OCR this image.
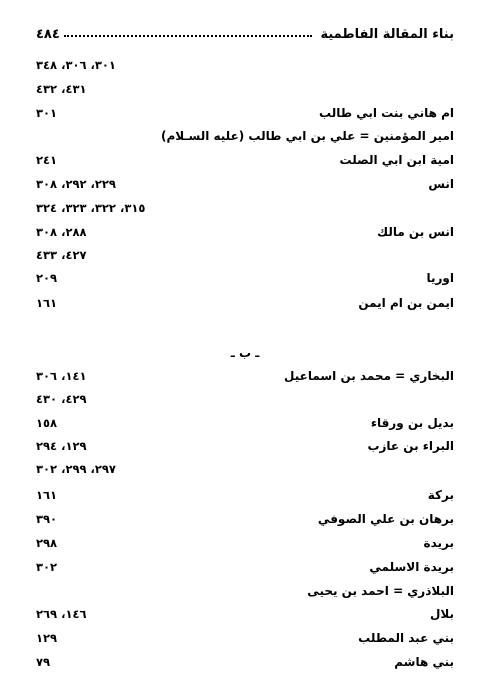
بناء المقالة الفاطمية
٤٨٤
٣٠١، ٣٠٦، ٣٤٨
٤٣١، ٤٣٢
ام هاني بنت ابي طالب
٣٠١
امير المؤمنين = علي بن ابي طالب (عليه السـلام)
امية ابن ابي الصلت
٢٤١
انس
٢٢٩، ٢٩٢، ٣٠٨
٣١٥، ٣٢٢، ٣٢٣، ٣٢٤
انس بن مالك
٢٨٨، ٣٠٨
٤٢٧، ٤٣٣
اوريا
٢٠٩
ايمن بن ام ايمن
١٦١
ـ ب ـ
البخاري = محمد بن اسماعيل
١٤١، ٣٠٦
٤٢٩، ٤٣٠
بديل بن ورقاء
١٥٨
البراء بن عازب
١٢٩، ٢٩٤
٢٩٧، ٢٩٩، ٣٠٢
بركة
١٦١
برهان بن علي الصوفي
٣٩٠
بريدة
٢٩٨
بريدة الاسلمي
٣٠٢
البلاذري = احمد بن يحيى
بلال
١٤٦، ٢٦٩
بني عبد المطلب
١٢٩
بني هاشم
٧٩
